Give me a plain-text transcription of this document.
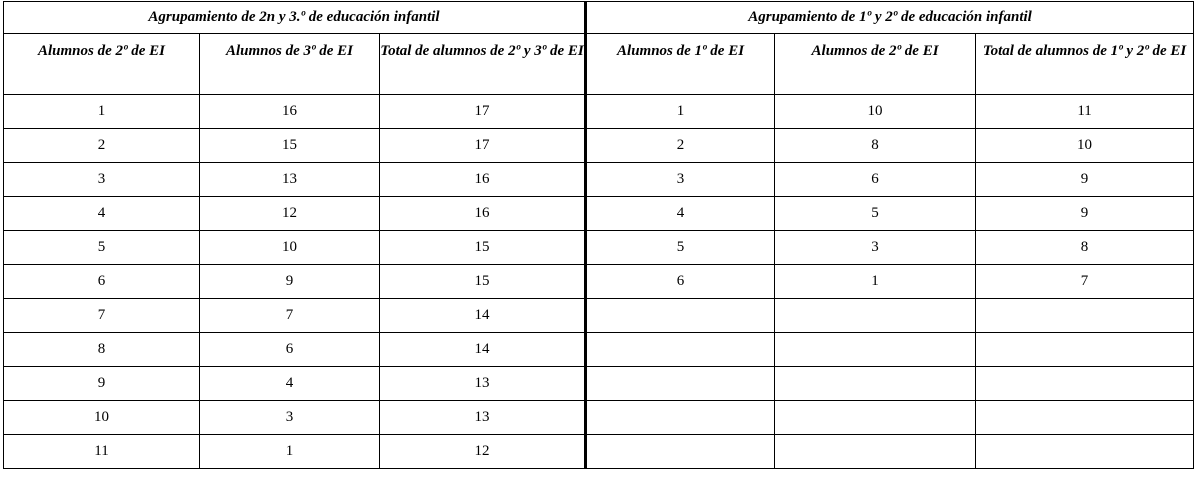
Agrupamiento de 2n y 3.º de educación infantil			Agrupamiento de 1º y 2º de educación infantil		
Alumnos de 2º de EI	Alumnos de 3º de EI	Total de alumnos de 2º y 3º de EI	Alumnos de 1º de EI	Alumnos de 2º de EI	Total de alumnos de 1º y 2º de EI
1	16	17	1	10	11
2	15	17	2	8	10
3	13	16	3	6	9
4	12	16	4	5	9
5	10	15	5	3	8
6	9	15	6	1	7
7	7	14			
8	6	14			
9	4	13			
10	3	13			
11	1	12			
